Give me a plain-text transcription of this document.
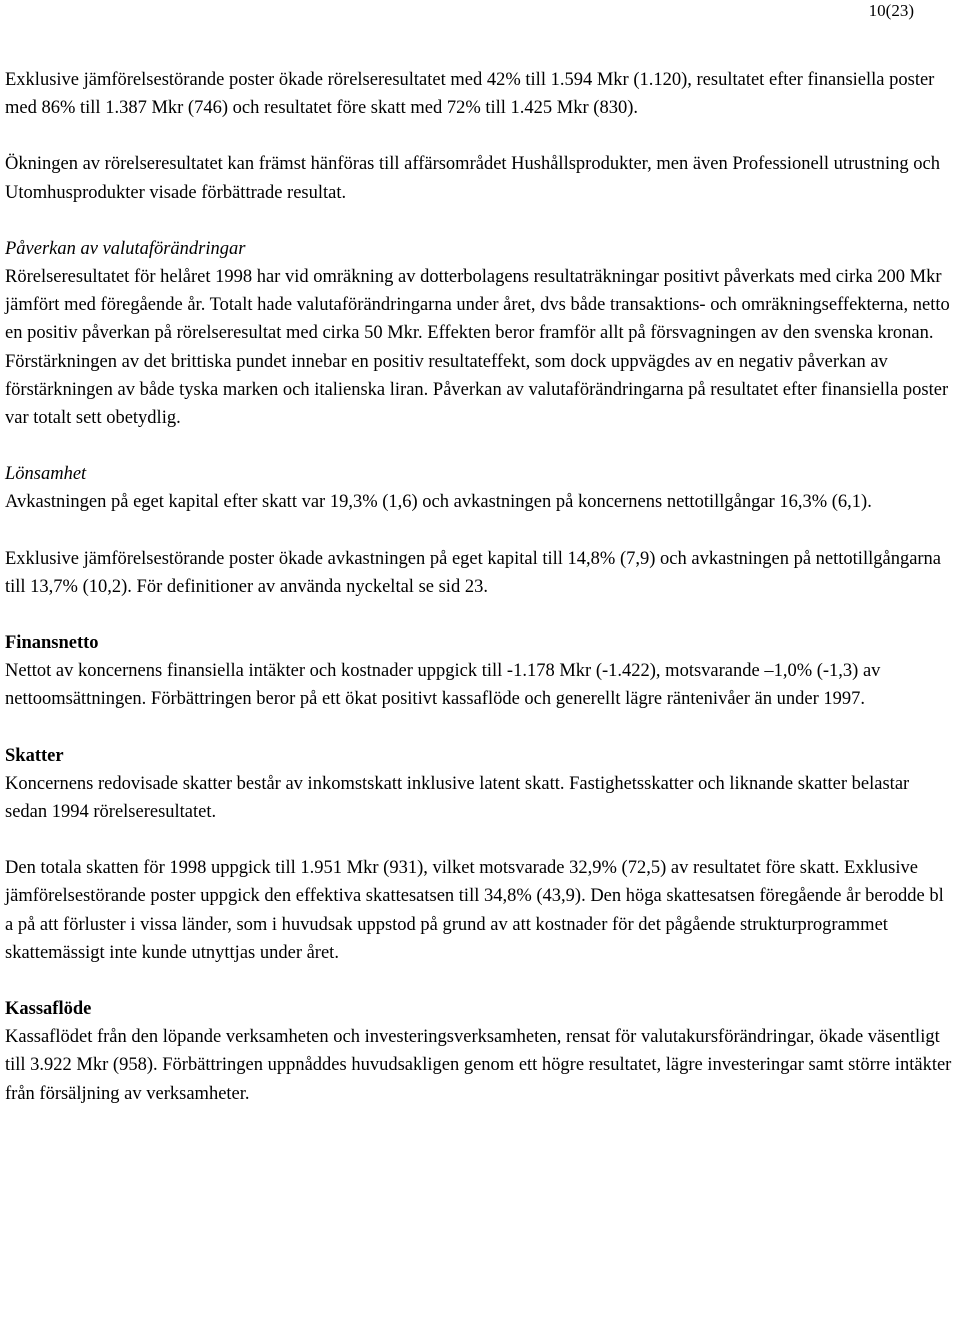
10(23)

Exklusive jämförelsestörande poster ökade rörelseresultatet med 42% till 1.594 Mkr (1.120), resultatet efter finansiella poster med 86% till 1.387 Mkr (746) och resultatet före skatt med 72% till 1.425 Mkr (830).

Ökningen av rörelseresultatet kan främst hänföras till affärsområdet Hushållsprodukter, men även Professionell utrustning och Utomhusprodukter visade förbättrade resultat.

Påverkan av valutaförändringar

Rörelseresultatet för helåret 1998 har vid omräkning av dotterbolagens resultaträkningar positivt påverkats med cirka 200 Mkr jämfört med föregående år. Totalt hade valutaförändringarna under året, dvs både transaktions- och omräkningseffekterna, netto en positiv påverkan på rörelseresultat med cirka 50 Mkr. Effekten beror framför allt på försvagningen av den svenska kronan. Förstärkningen av det brittiska pundet innebar en positiv resultateffekt, som dock uppvägdes av en negativ påverkan av förstärkningen av både tyska marken och italienska liran. Påverkan av valutaförändringarna på resultatet efter finansiella poster var totalt sett obetydlig.

Lönsamhet

Avkastningen på eget kapital efter skatt var 19,3% (1,6) och avkastningen på koncernens nettotillgångar 16,3% (6,1).

Exklusive jämförelsestörande poster ökade avkastningen på eget kapital till 14,8% (7,9) och avkastningen på nettotillgångarna till 13,7% (10,2). För definitioner av använda nyckeltal se sid 23.

Finansnetto

Nettot av koncernens finansiella intäkter och kostnader uppgick till -1.178 Mkr (-1.422), motsvarande –1,0% (-1,3) av nettoomsättningen. Förbättringen beror på ett ökat positivt kassaflöde och generellt lägre räntenivåer än under 1997.

Skatter

Koncernens redovisade skatter består av inkomstskatt inklusive latent skatt. Fastighetsskatter och liknande skatter belastar sedan 1994 rörelseresultatet.

Den totala skatten för 1998 uppgick till 1.951 Mkr (931), vilket motsvarade 32,9% (72,5) av resultatet före skatt. Exklusive jämförelsestörande poster uppgick den effektiva skattesatsen till 34,8% (43,9). Den höga skattesatsen föregående år berodde bl a på att förluster i vissa länder, som i huvudsak uppstod på grund av att kostnader för det pågående strukturprogrammet skattemässigt inte kunde utnyttjas under året.

Kassaflöde

Kassaflödet från den löpande verksamheten och investeringsverksamheten, rensat för valutakursförändringar, ökade väsentligt till 3.922 Mkr (958). Förbättringen uppnåddes huvudsakligen genom ett högre resultatet, lägre investeringar samt större intäkter från försäljning av verksamheter.
